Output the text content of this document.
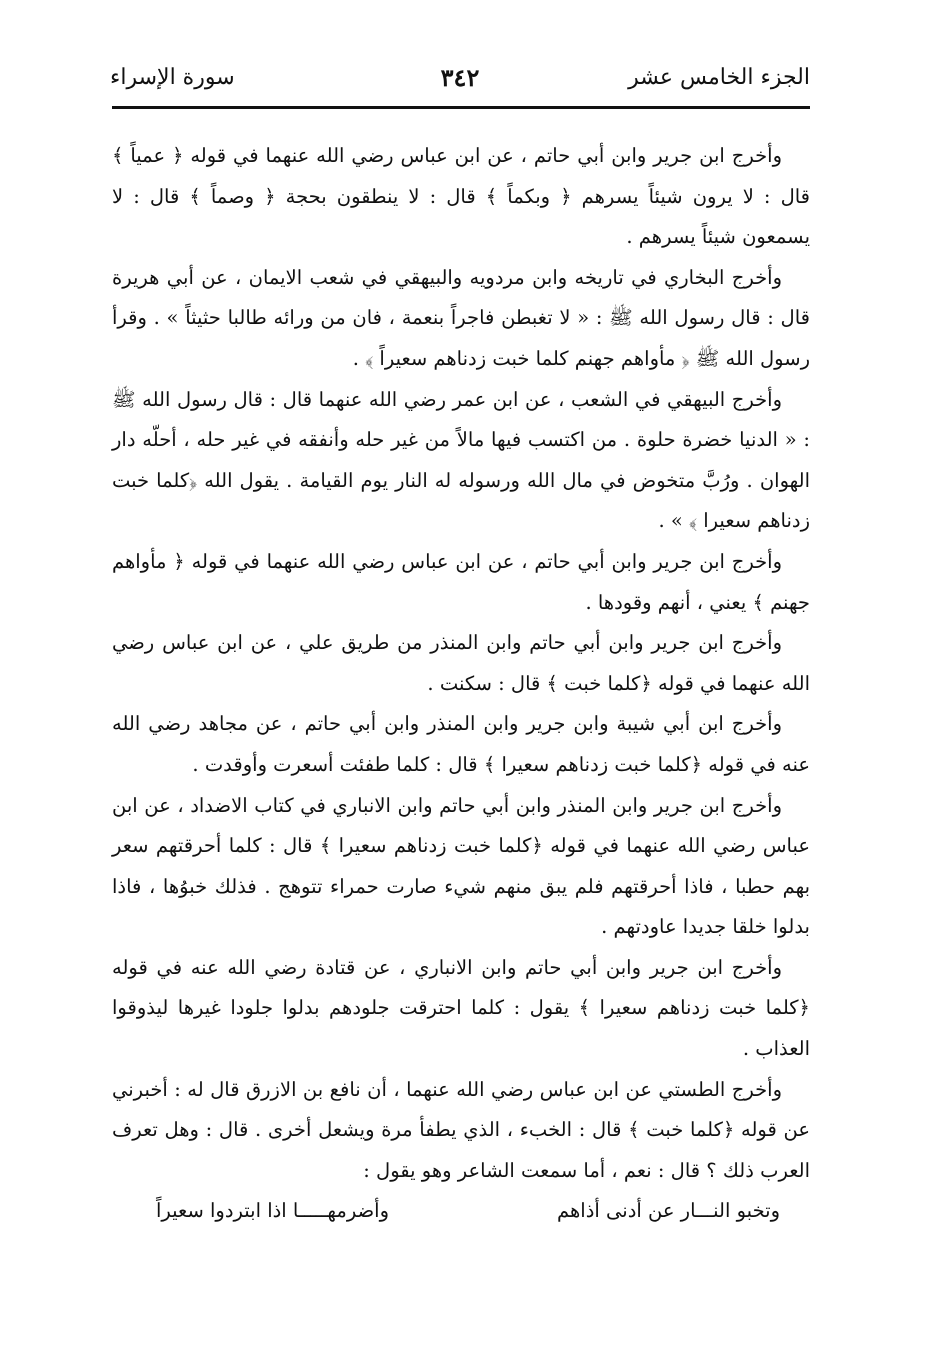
الجزء الخامس عشر
٣٤٢
سورة الإسراء

وأخرج ابن جرير وابن أبي حاتم ، عن ابن عباس رضي الله عنهما في قوله ﴿ عمياً ﴾ قال : لا يرون شيئاً يسرهم ﴿ وبكماً ﴾ قال : لا ينطقون بحجة ﴿ وصماً ﴾ قال : لا يسمعون شيئاً يسرهم .

وأخرج البخاري في تاريخه وابن مردويه والبيهقي في شعب الايمان ، عن أبي هريرة قال : قال رسول الله ﷺ : « لا تغبطن فاجراً بنعمة ، فان من ورائه طالبا حثيثاً » . وقرأ رسول الله ﷺ ﴿ مأواهم جهنم كلما خبت زدناهم سعيراً ﴾ .

وأخرج البيهقي في الشعب ، عن ابن عمر رضي الله عنهما قال : قال رسول الله ﷺ : « الدنيا خضرة حلوة . من اكتسب فيها مالاً من غير حله وأنفقه في غير حله ، أحلّه دار الهوان . ورُبَّ متخوض في مال الله ورسوله له النار يوم القيامة . يقول الله ﴿كلما خبت زدناهم سعيرا ﴾ » .

وأخرج ابن جرير وابن أبي حاتم ، عن ابن عباس رضي الله عنهما في قوله ﴿ مأواهم جهنم ﴾ يعني ، أنهم وقودها .

وأخرج ابن جرير وابن أبي حاتم وابن المنذر من طريق علي ، عن ابن عباس رضي الله عنهما في قوله ﴿كلما خبت ﴾ قال : سكنت .

وأخرج ابن أبي شيبة وابن جرير وابن المنذر وابن أبي حاتم ، عن مجاهد رضي الله عنه في قوله ﴿كلما خبت زدناهم سعيرا ﴾ قال : كلما طفئت أسعرت وأوقدت .

وأخرج ابن جرير وابن المنذر وابن أبي حاتم وابن الانباري في كتاب الاضداد ، عن ابن عباس رضي الله عنهما في قوله ﴿كلما خبت زدناهم سعيرا ﴾ قال : كلما أحرقتهم سعر بهم حطبا ، فاذا أحرقتهم فلم يبق منهم شيء صارت حمراء تتوهج . فذلك خبوُها ، فاذا بدلوا خلقا جديدا عاودتهم .

وأخرج ابن جرير وابن أبي حاتم وابن الانباري ، عن قتادة رضي الله عنه في قوله ﴿كلما خبت زدناهم سعيرا ﴾ يقول : كلما احترقت جلودهم بدلوا جلودا غيرها ليذوقوا العذاب .

وأخرج الطستي عن ابن عباس رضي الله عنهما ، أن نافع بن الازرق قال له : أخبرني عن قوله ﴿كلما خبت ﴾ قال : الخبء ، الذي يطفأ مرة ويشعل أخرى . قال : وهل تعرف العرب ذلك ؟ قال : نعم ، أما سمعت الشاعر وهو يقول :

وتخبو النـــار عن أدنى أذاهم
وأضرمهـــــا اذا ابتردوا سعيراً
